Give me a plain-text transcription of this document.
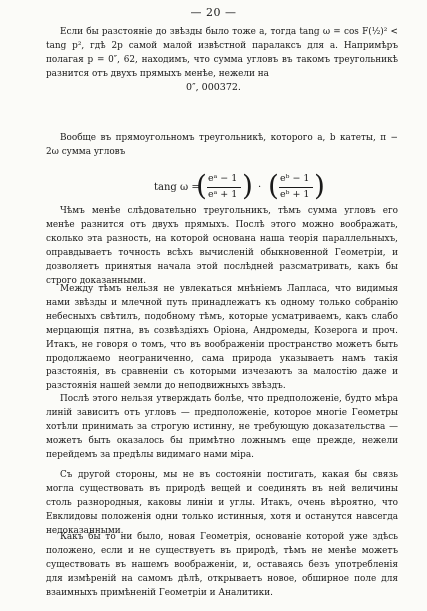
— 20 —

Если бы разстояніе до звѣзды было тоже a, тогда tang ω = cos F(½)² < tang p², гдѣ 2p самой малой извѣстной паралаксъ для a. Напримѣръ полагая p = 0″, 62, находимъ, что сумма угловъ въ такомъ треугольникѣ разнится отъ двухъ прямыхъ менѣе, нежели на

0″, 000372.

Вообще въ прямоугольномъ треугольникѣ, которого a, b катеты, π − 2ω сумма угловъ

tang ω =
( eᵃ − 1
eᵃ + 1 ) · ( eᵇ − 1
eᵇ + 1 )

Чѣмъ менѣе слѣдовательно треугольникъ, тѣмъ сумма угловъ его менѣе разнится отъ двухъ прямыхъ. Послѣ этого можно воображать, сколько эта разность, на которой основана наша теорія параллельныхъ, оправдываетъ точность всѣхъ вычисленій обыкновенной Геометріи, и дозволяетъ принятыя начала этой послѣдней разсматривать, какъ бы строго доказанными.

Между тѣмъ нельзя не увлекаться мнѣніемъ Лапласа, что видимыя нами звѣзды и млечной путь принадлежатъ къ одному только собранію небесныхъ свѣтилъ, подобному тѣмъ, которые усматриваемъ, какъ слабо мерцающія пятна, въ созвѣздіяхъ Оріона, Андромеды, Козерога и проч. Итакъ, не говоря о томъ, что въ воображеніи пространство можетъ быть продолжаемо неограниченно, сама природа указываетъ намъ такія разстоянія, въ сравненіи съ которыми изчезаютъ за малостію даже и разстоянія нашей земли до неподвижныхъ звѣздъ.

Послѣ этого нельзя утверждать болѣе, что предположеніе, будто мѣра линій зависитъ отъ угловъ — предположеніе, которое многіе Геометры хотѣли принимать за строгую истинну, не требующую доказательства — можетъ быть оказалось бы примѣтно ложнымъ еще прежде, нежели перейдемъ за предѣлы видимаго нами міра.

Съ другой стороны, мы не въ состояніи постигать, какая бы связь могла существовать въ природѣ вещей и соединять въ ней величины столь разнородныя, каковы линіи и углы. Итакъ, очень вѣроятно, что Евклидовы положенія одни только истинныя, хотя и останутся навсегда недоказанными.

Какъ бы то ни было, новая Геометрія, основаніе которой уже здѣсь положено, если и не существуетъ въ природѣ, тѣмъ не менѣе можетъ существовать въ нашемъ воображеніи, и, оставаясь безъ употребленія для измѣреній на самомъ дѣлѣ, открываетъ новое, обширное поле для взаимныхъ примѣненій Геометріи и Аналитики.
